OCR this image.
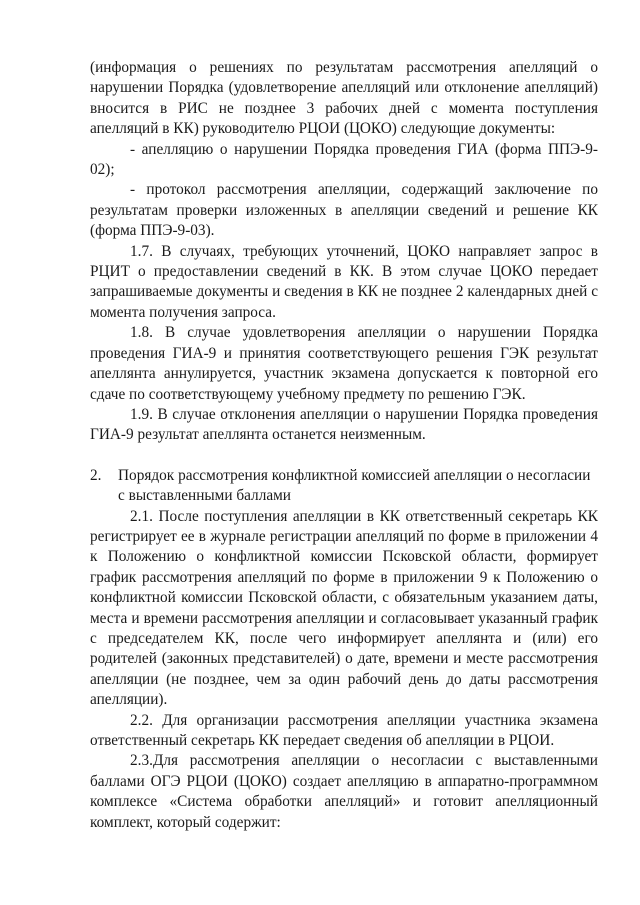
(информация о решениях по результатам рассмотрения апелляций о нарушении Порядка (удовлетворение апелляций или отклонение апелляций) вносится в РИС не позднее 3 рабочих дней с момента поступления апелляций в КК) руководителю РЦОИ (ЦОКО) следующие документы:

- апелляцию о нарушении Порядка проведения ГИА (форма ППЭ-9-02);

- протокол рассмотрения апелляции, содержащий заключение по результатам проверки изложенных в апелляции сведений и решение КК (форма ППЭ-9-03).

1.7. В случаях, требующих уточнений, ЦОКО направляет запрос в РЦИТ о предоставлении сведений в КК. В этом случае ЦОКО передает запрашиваемые документы и сведения в КК не позднее 2 календарных дней с момента получения запроса.

1.8. В случае удовлетворения апелляции о нарушении Порядка проведения ГИА-9 и принятия соответствующего решения ГЭК результат апеллянта аннулируется, участник экзамена допускается к повторной его сдаче по соответствующему учебному предмету по решению ГЭК.

1.9. В случае отклонения апелляции о нарушении Порядка проведения ГИА-9 результат апеллянта останется неизменным.

2. Порядок рассмотрения конфликтной комиссией апелляции о несогласии с выставленными баллами

2.1. После поступления апелляции в КК ответственный секретарь КК регистрирует ее в журнале регистрации апелляций по форме в приложении 4 к Положению о конфликтной комиссии Псковской области, формирует график рассмотрения апелляций по форме в приложении 9 к Положению о конфликтной комиссии Псковской области, с обязательным указанием даты, места и времени рассмотрения апелляции и согласовывает указанный график с председателем КК, после чего информирует апеллянта и (или) его родителей (законных представителей) о дате, времени и месте рассмотрения апелляции (не позднее, чем за один рабочий день до даты рассмотрения апелляции).

2.2. Для организации рассмотрения апелляции участника экзамена ответственный секретарь КК передает сведения об апелляции в РЦОИ.

2.3.Для рассмотрения апелляции о несогласии с выставленными баллами ОГЭ РЦОИ (ЦОКО) создает апелляцию в аппаратно-программном комплексе «Система обработки апелляций» и готовит апелляционный комплект, который содержит:
